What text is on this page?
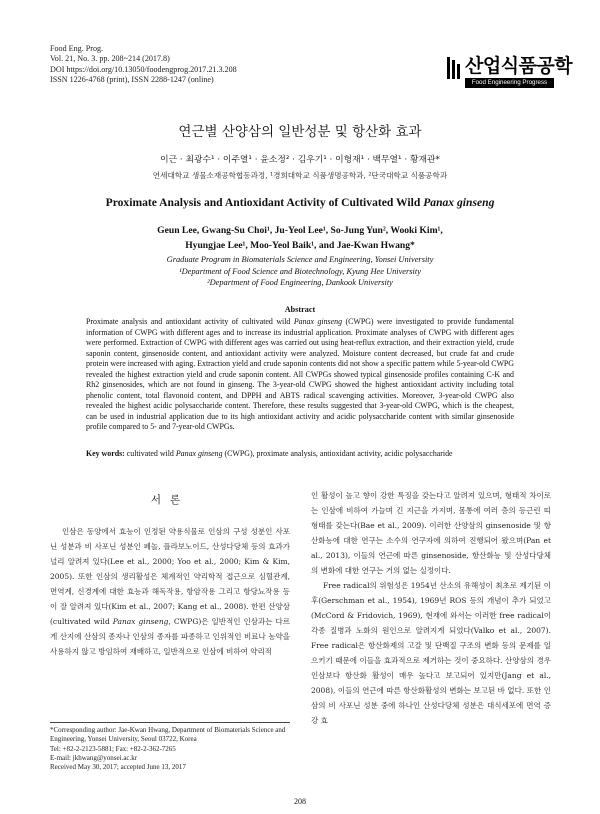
Food Eng. Prog.
Vol. 21, No. 3. pp. 208~214 (2017.8)
DOI https://doi.org/10.13050/foodengprog.2017.21.3.208
ISSN 1226-4768 (print), ISSN 2288-1247 (online)
산업식품공학
Food Engineering Progress
연근별 산양삼의 일반성분 및 항산화 효과
이근 · 최광수¹ · 이주열¹ · 윤소정² · 김우기¹ · 이형재¹ · 백무열¹ · 황재관*
연세대학교 생물소재공학협동과정, ¹경희대학교 식품생명공학과, ²단국대학교 식품공학과
Proximate Analysis and Antioxidant Activity of Cultivated Wild Panax ginseng
Geun Lee, Gwang-Su Choi¹, Ju-Yeol Lee¹, So-Jung Yun², Wooki Kim¹,
Hyungjae Lee¹, Moo-Yeol Baik¹, and Jae-Kwan Hwang*
Graduate Program in Biomaterials Science and Engineering, Yonsei University
¹Department of Food Science and Biotechnology, Kyung Hee University
²Department of Food Engineering, Dankook University
Abstract
Proximate analysis and antioxidant activity of cultivated wild Panax ginseng (CWPG) were investigated to provide fundamental information of CWPG with different ages and to increase its industrial application. Proximate analyses of CWPG with different ages were performed. Extraction of CWPG with different ages was carried out using heat-reflux extraction, and their extraction yield, crude saponin content, ginsenoside content, and antioxidant activity were analyzed. Moisture content decreased, but crude fat and crude protein were increased with aging. Extraction yield and crude saponin contents did not show a specific pattern while 5-year-old CWPG revealed the highest extraction yield and crude saponin content. All CWPGs showed typical ginsenoside profiles containing C-K and Rh2 ginsenosides, which are not found in ginseng. The 3-year-old CWPG showed the highest antioxidant activity including total phenolic content, total flavonoid content, and DPPH and ABTS radical scavenging activities. Moreover, 3-year-old CWPG also revealed the highest acidic polysaccharide content. Therefore, these results suggested that 3-year-old CWPG, which is the cheapest, can be used in industrial application due to its high antioxidant activity and acidic polysaccharide content with similar ginsenoside profile compared to 5- and 7-year-old CWPGs.
Key words: cultivated wild Panax ginseng (CWPG), proximate analysis, antioxidant activity, acidic polysaccharide
서론

인삼은 동양에서 효능이 인정된 약용식물로 인삼의 구성 성분인 사포닌 성분과 비 사포닌 성분인 페놀, 플라보노이드, 산성다당체 등의 효과가 널리 알려져 있다(Lee et al., 2000; Yoo et al., 2000; Kim & Kim, 2005). 또한 인삼의 생리활성은 체계적인 약리학적 접근으로 심혈관계, 면역계, 신경계에 대한 효능과 해독작용, 항암작용 그리고 항당뇨작용 등이 잘 알려져 있다(Kim et al., 2007; Kang et al., 2008). 한편 산양삼(cultivated wild Panax ginseng, CWPG)은 일반적인 인삼과는 다르게 산지에 산삼의 종자나 인삼의 종자를 파종하고 인위적인 비료나 농약을 사용하지 않고 방임하여 재배하고, 일반적으로 인삼에 비하여 약리적

인 활성이 높고 향이 강한 특징을 갖는다고 알려져 있으며, 형태적 차이로는 인삼에 비하여 가늘며 긴 지근을 가지며, 몸통에 여러 층의 등근린 띠 형태를 갖는다(Bae et al., 2009). 이러한 산양삼의 ginsenoside 및 항산화능에 대한 연구는 소수의 연구자에 의하여 진행되어 왔으며(Pan et al., 2013), 이들의 연근에 따른 ginsenoside, 항산화능 및 산성다당체의 변화에 대한 연구는 거의 없는 실정이다.

Free radical의 위험성은 1954년 산소의 유해성이 최초로 제기된 이후(Gerschman et al., 1954), 1969년 ROS 등의 개념이 추가 되었고(McCord & Fridovich, 1969), 현재에 와서는 이러한 free radical이 각종 질병과 노화의 원인으로 알려지게 되었다(Valko et al., 2007). Free radical은 항산화제의 고갈 및 단백질 구조의 변화 등의 문제를 일으키기 때문에 이들을 효과적으로 제거하는 것이 중요하다. 산양삼의 경우 인삼보다 항산화 활성이 매우 높다고 보고되어 있지만(Jang et al., 2008), 이들의 연근에 따른 항산화활성의 변화는 보고된 바 없다. 또한 인삼의 비 사포닌 성분 중에 하나인 산성다당체 성분은 대식세포에 면역 증강 효

*Corresponding author: Jae-Kwan Hwang, Department of Biomaterials Science and Engineering, Yonsei University, Seoul 03722, Korea
Tel: +82-2-2123-5881; Fax: +82-2-362-7265
E-mail: jkhwang@yonsei.ac.kr
Received May 30, 2017; accepted June 13, 2017
208
